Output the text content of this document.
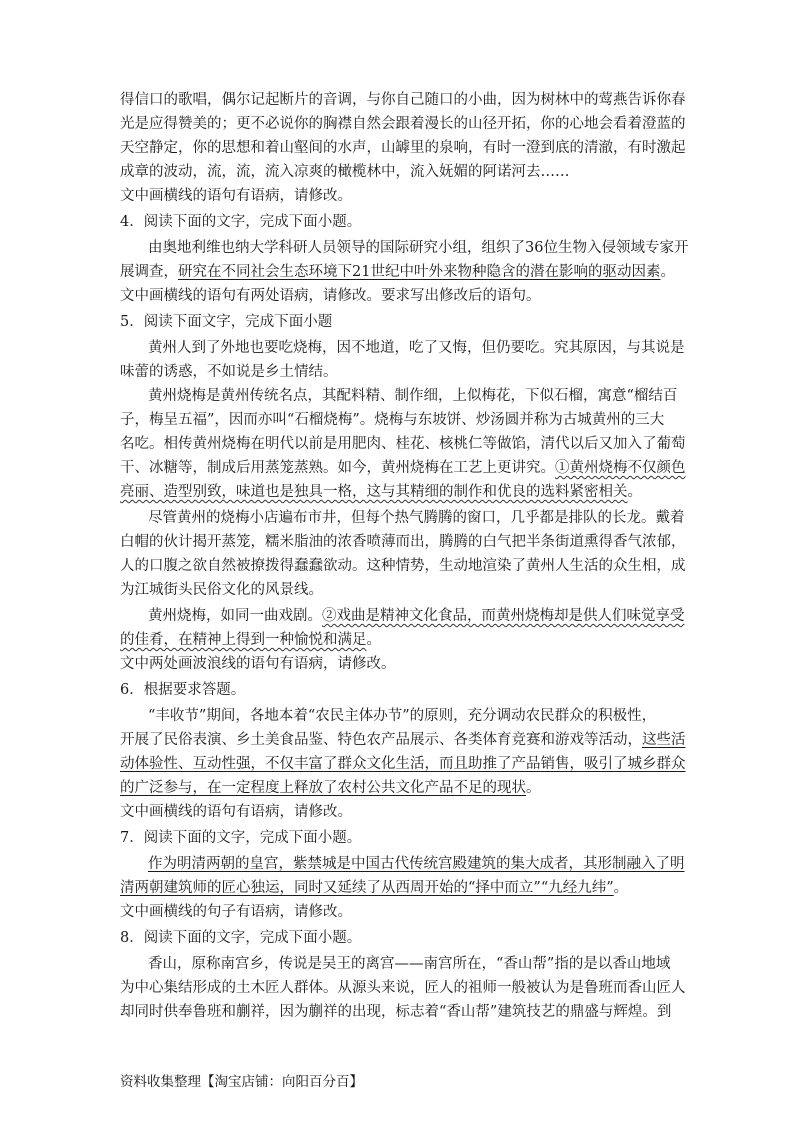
得信口的歌唱，偶尔记起断片的音调，与你自己随口的小曲，因为树林中的莺燕告诉你春
光是应得赞美的；更不必说你的胸襟自然会跟着漫长的山径开拓，你的心地会看着澄蓝的
天空静定，你的思想和着山壑间的水声，山罅里的泉响，有时一澄到底的清澈，有时激起
成章的波动，流，流，流入凉爽的橄榄林中，流入妩媚的阿诺河去……
文中画横线的语句有语病，请修改。
4．阅读下面的文字，完成下面小题。
由奥地利维也纳大学科研人员领导的国际研究小组，组织了36位生物入侵领域专家开
展调查，研究在不同社会生态环境下21世纪中叶外来物种隐含的潜在影响的驱动因素。
文中画横线的语句有两处语病，请修改。要求写出修改后的语句。
5．阅读下面文字，完成下面小题
黄州人到了外地也要吃烧梅，因不地道，吃了又悔，但仍要吃。究其原因，与其说是
味蕾的诱惑，不如说是乡土情结。
黄州烧梅是黄州传统名点，其配料精、制作细，上似梅花，下似石榴，寓意“榴结百
子，梅呈五福”，因而亦叫“石榴烧梅”。烧梅与东坡饼、炒汤圆并称为古城黄州的三大
名吃。相传黄州烧梅在明代以前是用肥肉、桂花、核桃仁等做馅，清代以后又加入了葡萄
干、冰糖等，制成后用蒸笼蒸熟。如今，黄州烧梅在工艺上更讲究。①黄州烧梅不仅颜色
亮丽、造型别致，味道也是独具一格，这与其精细的制作和优良的选料紧密相关。
尽管黄州的烧梅小店遍布市井，但每个热气腾腾的窗口，几乎都是排队的长龙。戴着
白帽的伙计揭开蒸笼，糯米脂油的浓香喷薄而出，腾腾的白气把半条街道熏得香气浓郁，
人的口腹之欲自然被撩拨得蠢蠢欲动。这种情势，生动地渲染了黄州人生活的众生相，成
为江城街头民俗文化的风景线。
黄州烧梅，如同一曲戏剧。②戏曲是精神文化食品，而黄州烧梅却是供人们味觉享受
的佳肴，在精神上得到一种愉悦和满足。
文中两处画波浪线的语句有语病，请修改。
6．根据要求答题。
“丰收节”期间，各地本着“农民主体办节”的原则，充分调动农民群众的积极性，
开展了民俗表演、乡土美食品鉴、特色农产品展示、各类体育竞赛和游戏等活动，这些活
动体验性、互动性强，不仅丰富了群众文化生活，而且助推了产品销售，吸引了城乡群众
的广泛参与，在一定程度上释放了农村公共文化产品不足的现状。
文中画横线的语句有语病，请修改。
7．阅读下面的文字，完成下面小题。
作为明清两朝的皇宫，紫禁城是中国古代传统宫殿建筑的集大成者，其形制融入了明
清两朝建筑师的匠心独运，同时又延续了从西周开始的“择中而立”“九经九纬”。
文中画横线的句子有语病，请修改。
8．阅读下面的文字，完成下面小题。
香山，原称南宫乡，传说是吴王的离宫——南宫所在，“香山帮”指的是以香山地域
为中心集结形成的土木匠人群体。从源头来说，匠人的祖师一般被认为是鲁班而香山匠人
却同时供奉鲁班和蒯祥，因为蒯祥的出现，标志着“香山帮”建筑技艺的鼎盛与辉煌。到
资料收集整理【淘宝店铺：向阳百分百】
